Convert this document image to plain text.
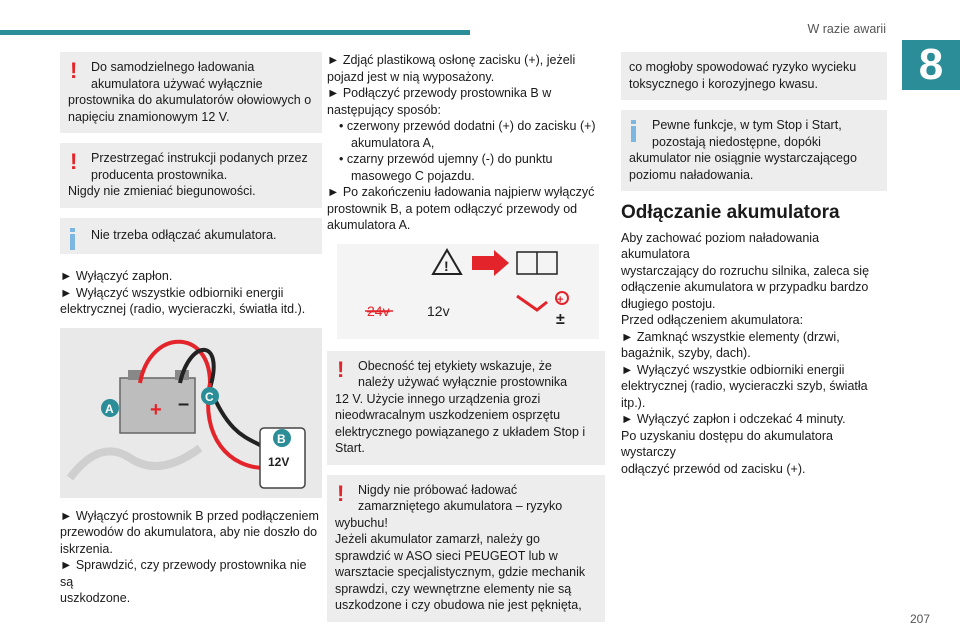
W razie awarii
8
207
!	Do samodzielnego ładowania

akumulatora używać wyłącznie

prostownika do akumulatorów ołowiowych o

napięciu znamionowym 12 V.

!	Przestrzegać instrukcji podanych przez

producenta prostownika.

Nigdy nie zmieniać biegunowości.

Nie trzeba odłączać akumulatora.

► Wyłączyć zapłon.

► Wyłączyć wszystkie odbiorniki energii

elektrycznej (radio, wycieraczki, światła itd.).

+ –
A
C
B
12V

► Wyłączyć prostownik B przed podłączeniem

przewodów do akumulatora, aby nie doszło do

iskrzenia.

► Sprawdzić, czy przewody prostownika nie są

uszkodzone.

► Zdjąć plastikową osłonę zacisku (+), jeżeli

pojazd jest w nią wyposażony.

► Podłączyć przewody prostownika B w

następujący sposób:

• czerwony przewód dodatni (+) do zacisku (+)

akumulatora A,

• czarny przewód ujemny (-) do punktu

masowego C pojazdu.

► Po zakończeniu ładowania najpierw wyłączyć

prostownik B, a potem odłączyć przewody od

akumulatora A.

!
+
±
24v	12v
!	Obecność tej etykiety wskazuje, że

należy używać wyłącznie prostownika

12 V. Użycie innego urządzenia grozi

nieodwracalnym uszkodzeniem osprzętu

elektrycznego powiązanego z układem Stop i

Start.

!	Nigdy nie próbować ładować

zamarzniętego akumulatora – ryzyko

wybuchu!

Jeżeli akumulator zamarzł, należy go

sprawdzić w ASO sieci PEUGEOT lub w

warsztacie specjalistycznym, gdzie mechanik

sprawdzi, czy wewnętrzne elementy nie są

uszkodzone i czy obudowa nie jest pęknięta,

co mogłoby spowodować ryzyko wycieku

toksycznego i korozyjnego kwasu.

Pewne funkcje, w tym Stop i Start,

pozostają niedostępne, dopóki

akumulator nie osiągnie wystarczającego

poziomu naładowania.

Odłączanie akumulatora

Aby zachować poziom naładowania akumulatora

wystarczający do rozruchu silnika, zaleca się

odłączenie akumulatora w przypadku bardzo

długiego postoju.

Przed odłączeniem akumulatora:

► Zamknąć wszystkie elementy (drzwi,

bagażnik, szyby, dach).

► Wyłączyć wszystkie odbiorniki energii

elektrycznej (radio, wycieraczki szyb, światła

itp.).

► Wyłączyć zapłon i odczekać 4 minuty.

Po uzyskaniu dostępu do akumulatora wystarczy

odłączyć przewód od zacisku (+).
